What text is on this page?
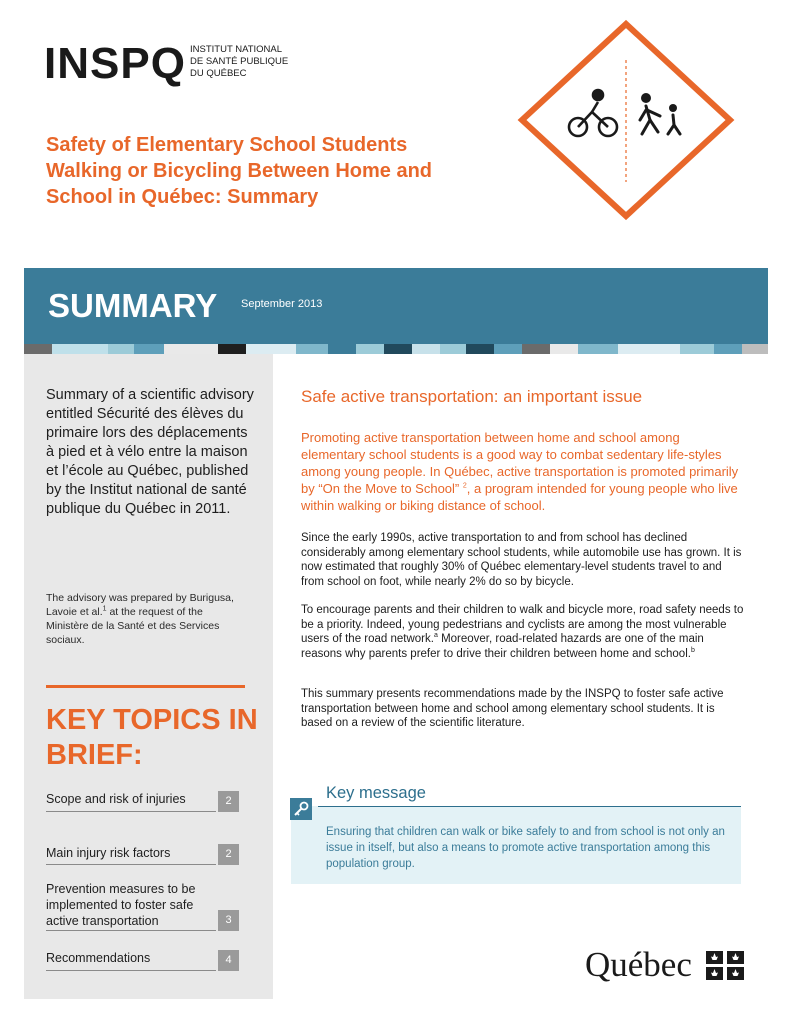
INSPQ INSTITUT NATIONAL DE SANTÉ PUBLIQUE DU QUÉBEC
Safety of Elementary School Students Walking or Bicycling Between Home and School in Québec: Summary
SUMMARY September 2013
Summary of a scientific advisory entitled Sécurité des élèves du primaire lors des déplacements à pied et à vélo entre la maison et l’école au Québec, published by the Institut national de santé publique du Québec in 2011.
The advisory was prepared by Burigusa, Lavoie et al.$^1$ at the request of the Ministère de la Santé et des Services sociaux.
KEY TOPICS IN BRIEF:
Scope and risk of injuries	2
Main injury risk factors	2
Prevention measures to be implemented to foster safe active transportation	3
Recommendations	4
Safe active transportation: an important issue
Promoting active transportation between home and school among elementary school students is a good way to combat sedentary life-styles among young people. In Québec, active transportation is promoted primarily by “On the Move to School” $^2$, a program intended for young people who live within walking or biking distance of school.
Since the early 1990s, active transportation to and from school has declined considerably among elementary school students, while automobile use has grown. It is now estimated that roughly 30% of Québec elementary-level students travel to and from school on foot, while nearly 2% do so by bicycle.
To encourage parents and their children to walk and bicycle more, road safety needs to be a priority. Indeed, young pedestrians and cyclists are among the most vulnerable users of the road network.$^a$ Moreover, road-related hazards are one of the main reasons why parents prefer to drive their children between home and school.$^b$
This summary presents recommendations made by the INSPQ to foster safe active transportation between home and school among elementary school students. It is based on a review of the scientific literature.
Key message
Ensuring that children can walk or bike safely to and from school is not only an issue in itself, but also a means to promote active transportation among this population group.
Québec
